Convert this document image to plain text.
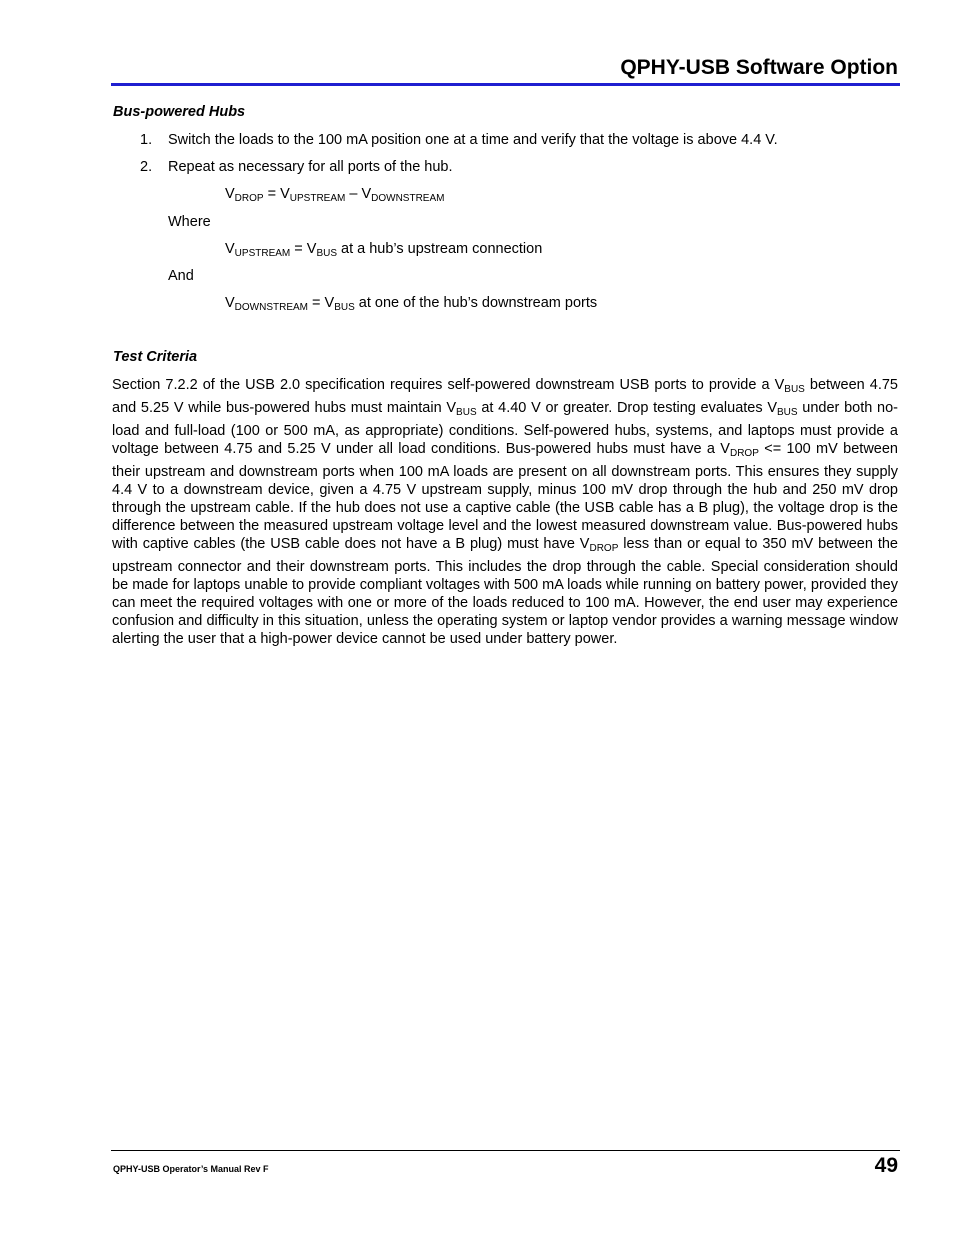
QPHY-USB Software Option
Bus-powered Hubs
1. Switch the loads to the 100 mA position one at a time and verify that the voltage is above 4.4 V.
2. Repeat as necessary for all ports of the hub.
$V_{DROP} = V_{UPSTREAM} - V_{DOWNSTREAM}$
Where
$V_{UPSTREAM} = V_{BUS}$ at a hub’s upstream connection
And
$V_{DOWNSTREAM} = V_{BUS}$ at one of the hub’s downstream ports
Test Criteria

Section 7.2.2 of the USB 2.0 specification requires self-powered downstream USB ports to provide a $V_{BUS}$ between 4.75 and 5.25 V while bus-powered hubs must maintain $V_{BUS}$ at 4.40 V or greater. Drop testing evaluates $V_{BUS}$ under both no-load and full-load (100 or 500 mA, as appropriate) conditions. Self-powered hubs, systems, and laptops must provide a voltage between 4.75 and 5.25 V under all load conditions. Bus-powered hubs must have a $V_{DROP} <= 100$ mV between their upstream and downstream ports when 100 mA loads are present on all downstream ports. This ensures they supply 4.4 V to a downstream device, given a 4.75 V upstream supply, minus 100 mV drop through the hub and 250 mV drop through the upstream cable. If the hub does not use a captive cable (the USB cable has a B plug), the voltage drop is the difference between the measured upstream voltage level and the lowest measured downstream value. Bus-powered hubs with captive cables (the USB cable does not have a B plug) must have $V_{DROP}$ less than or equal to 350 mV between the upstream connector and their downstream ports. This includes the drop through the cable. Special consideration should be made for laptops unable to provide compliant voltages with 500 mA loads while running on battery power, provided they can meet the required voltages with one or more of the loads reduced to 100 mA. However, the end user may experience confusion and difficulty in this situation, unless the operating system or laptop vendor provides a warning message window alerting the user that a high-power device cannot be used under battery power.

QPHY-USB Operator’s Manual Rev F	49
